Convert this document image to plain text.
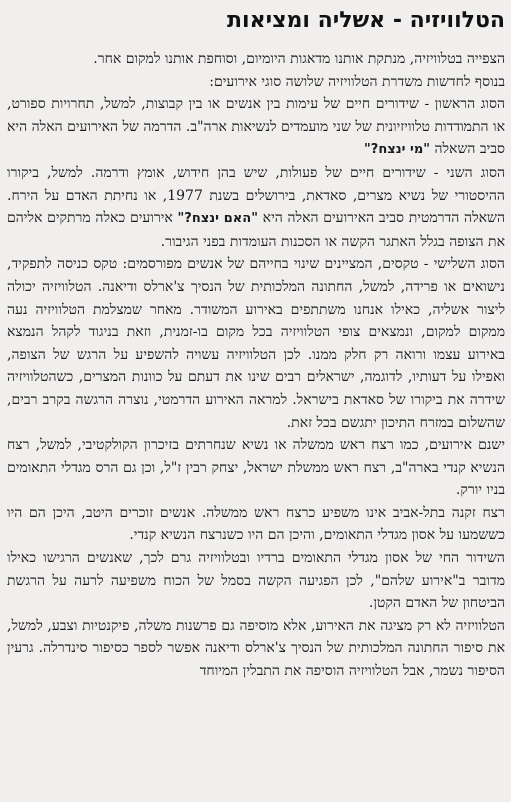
הטלוויזיה - אשליה ומציאות

הצפייה בטלוויזיה, מנתקת אותנו מדאגות היומיום, וסוחפת אותנו למקום אחר.

בנוסף לחדשות משדרת הטלוויזיה שלושה סוגי אירועים:

הסוג הראשון - שידורים חיים של עימות בין אנשים או בין קבוצות, למשל, תחרויות ספורט, או התמודדות טלוויזיונית של שני מועמדים לנשיאות ארה"ב. הדרמה של האירועים האלה היא סביב השאלה "מי ינצח?"

הסוג השני - שידורים חיים של פעולות, שיש בהן חידוש, אומץ ודרמה. למשל, ביקורו ההיסטורי של נשיא מצרים, סאדאת, בירושלים בשנת 1977, או נחיתת האדם על הירח. השאלה הדרמטית סביב האירועים האלה היא "האם ינצח?" אירועים כאלה מרתקים אליהם את הצופה בגלל האתגר הקשה או הסכנות העומדות בפני הגיבור.

הסוג השלישי - טקסים, המציינים שינוי בחייהם של אנשים מפורסמים: טקס כניסה לתפקיד, נישואים או פרידה, למשל, החתונה המלכותית של הנסיך צ'ארלס ודיאנה. הטלוויזיה יכולה ליצור אשליה, כאילו אנחנו משתתפים באירוע המשודר. מאחר שמצלמת הטלוויזיה נעה ממקום למקום, ונמצאים צופי הטלוויזיה בכל מקום בו-זמנית, וזאת בניגוד לקהל הנמצא באירוע עצמו ורואה רק חלק ממנו. לכן הטלוויזיה עשויה להשפיע על הרגש של הצופה, ואפילו על דעותיו, לדוגמה, ישראלים רבים שינו את דעתם על כוונות המצרים, כשהטלוויזיה שידרה את ביקורו של סאדאת בישראל. למראה האירוע הדרמטי, נוצרה הרגשה בקרב רבים, שהשלום במזרח התיכון יתגשם בכל זאת.

ישנם אירועים, כמו רצח ראש ממשלה או נשיא שנחרתים בזיכרון הקולקטיבי, למשל, רצח הנשיא קנדי בארה"ב, רצח ראש ממשלת ישראל, יצחק רבין ז"ל, וכן גם הרס מגדלי התאומים בניו יורק.

רצח זקנה בתל-אביב אינו משפיע כרצח ראש ממשלה. אנשים זוכרים היטב, היכן הם היו כששמעו על אסון מגדלי התאומים, והיכן הם היו כשנרצח הנשיא קנדי.

השידור החי של אסון מגדלי התאומים ברדיו ובטלוויזיה גרם לכך, שאנשים הרגישו כאילו מדובר ב"אירוע שלהם", לכן הפגיעה הקשה בסמל של הכוח משפיעה לרעה על הרגשת הביטחון של האדם הקטן.

הטלוויזיה לא רק מציגה את האירוע, אלא מוסיפה גם פרשנות משלה, פיקנטיות וצבע, למשל, את סיפור החתונה המלכותית של הנסיך צ'ארלס ודיאנה אפשר לספר כסיפור סינדרלה. גרעין הסיפור נשמר, אבל הטלוויזיה הוסיפה את התבלין המיוחד
